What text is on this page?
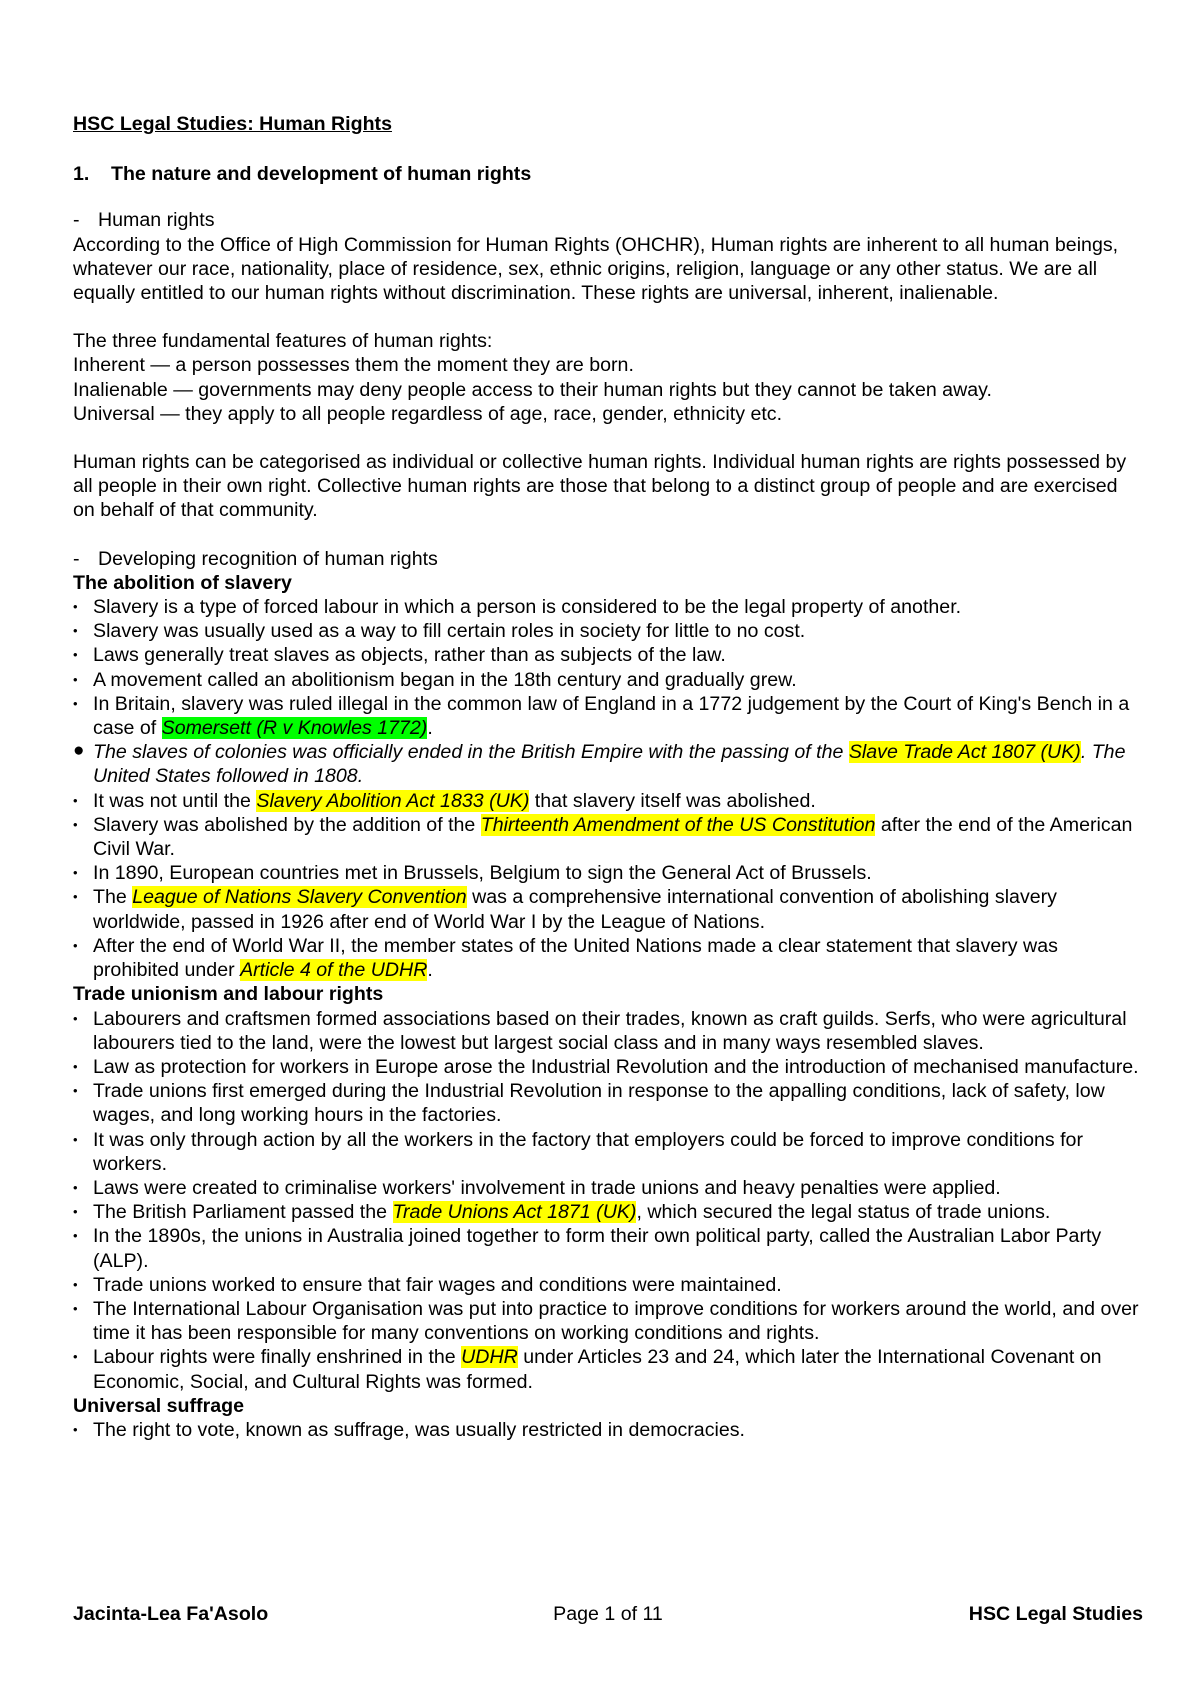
HSC Legal Studies: Human Rights

1. The nature and development of human rights

- Human rights

According to the Office of High Commission for Human Rights (OHCHR), Human rights are inherent to all human beings, whatever our race, nationality, place of residence, sex, ethnic origins, religion, language or any other status. We are all equally entitled to our human rights without discrimination. These rights are universal, inherent, inalienable.

The three fundamental features of human rights:

Inherent — a person possesses them the moment they are born.

Inalienable — governments may deny people access to their human rights but they cannot be taken away.

Universal — they apply to all people regardless of age, race, gender, ethnicity etc.

Human rights can be categorised as individual or collective human rights. Individual human rights are rights possessed by all people in their own right. Collective human rights are those that belong to a distinct group of people and are exercised on behalf of that community.

- Developing recognition of human rights

The abolition of slavery

• Slavery is a type of forced labour in which a person is considered to be the legal property of another.
• Slavery was usually used as a way to fill certain roles in society for little to no cost.
• Laws generally treat slaves as objects, rather than as subjects of the law.
• A movement called an abolitionism began in the 18th century and gradually grew.
• In Britain, slavery was ruled illegal in the common law of England in a 1772 judgement by the Court of King's Bench in a case of Somersett (R v Knowles 1772).
● The slaves of colonies was officially ended in the British Empire with the passing of the Slave Trade Act 1807 (UK). The United States followed in 1808.
• It was not until the Slavery Abolition Act 1833 (UK) that slavery itself was abolished.
• Slavery was abolished by the addition of the Thirteenth Amendment of the US Constitution after the end of the American Civil War.
• In 1890, European countries met in Brussels, Belgium to sign the General Act of Brussels.
• The League of Nations Slavery Convention was a comprehensive international convention of abolishing slavery worldwide, passed in 1926 after end of World War I by the League of Nations.
• After the end of World War II, the member states of the United Nations made a clear statement that slavery was prohibited under Article 4 of the UDHR.

Trade unionism and labour rights

• Labourers and craftsmen formed associations based on their trades, known as craft guilds. Serfs, who were agricultural labourers tied to the land, were the lowest but largest social class and in many ways resembled slaves.
• Law as protection for workers in Europe arose the Industrial Revolution and the introduction of mechanised manufacture.
• Trade unions first emerged during the Industrial Revolution in response to the appalling conditions, lack of safety, low wages, and long working hours in the factories.
• It was only through action by all the workers in the factory that employers could be forced to improve conditions for workers.
• Laws were created to criminalise workers' involvement in trade unions and heavy penalties were applied.
• The British Parliament passed the Trade Unions Act 1871 (UK), which secured the legal status of trade unions.
• In the 1890s, the unions in Australia joined together to form their own political party, called the Australian Labor Party (ALP).
• Trade unions worked to ensure that fair wages and conditions were maintained.
• The International Labour Organisation was put into practice to improve conditions for workers around the world, and over time it has been responsible for many conventions on working conditions and rights.
• Labour rights were finally enshrined in the UDHR under Articles 23 and 24, which later the International Covenant on Economic, Social, and Cultural Rights was formed.

Universal suffrage

• The right to vote, known as suffrage, was usually restricted in democracies.
Page 1 of 11
Jacinta-Lea Fa'Asolo	HSC Legal Studies
